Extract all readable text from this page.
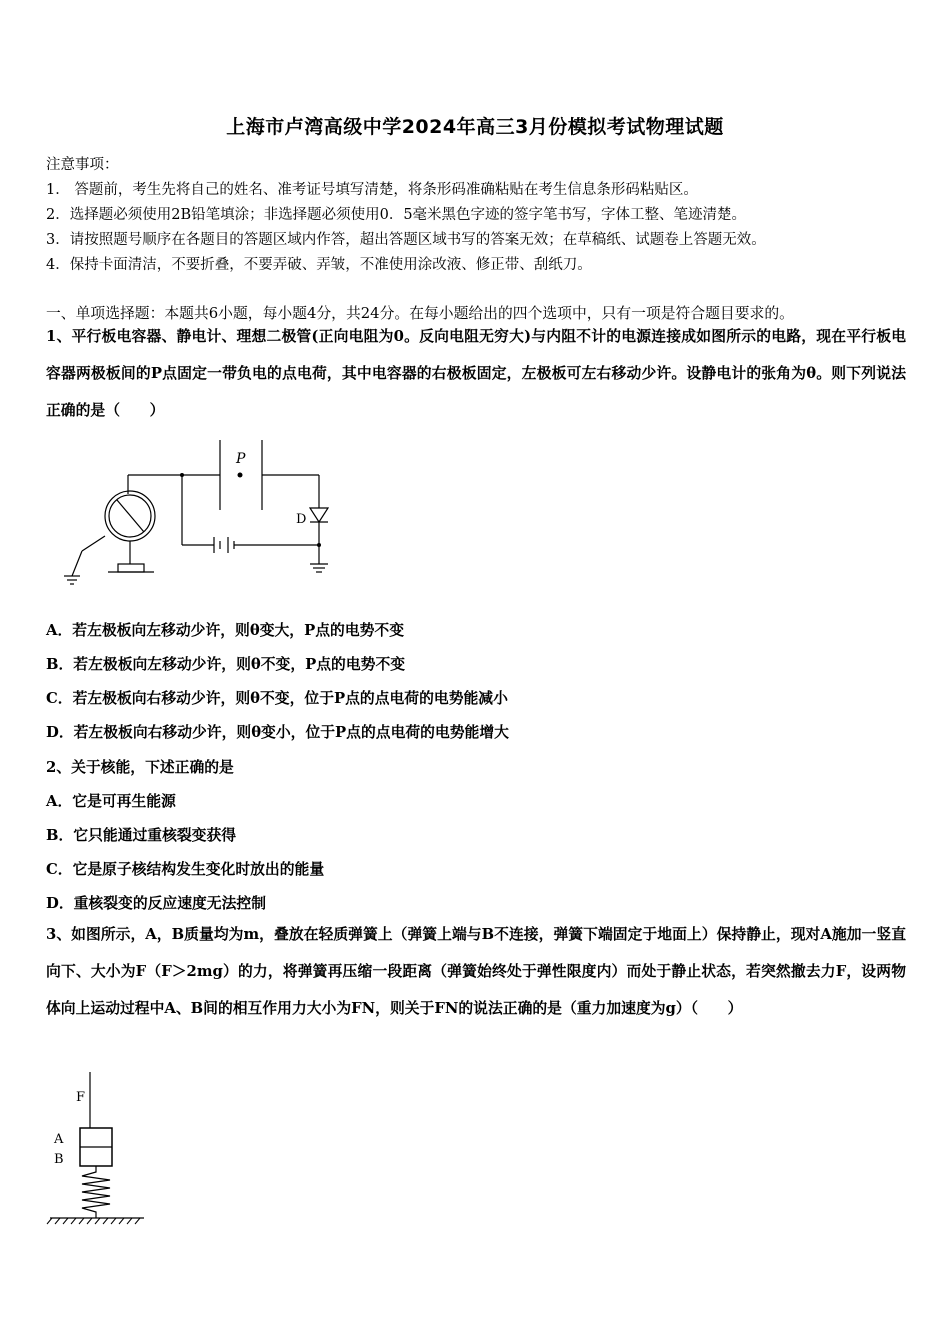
上海市卢湾高级中学2024年高三3月份模拟考试物理试题
注意事项：
1． 答题前，考生先将自己的姓名、准考证号填写清楚，将条形码准确粘贴在考生信息条形码粘贴区。
2．选择题必须使用2B铅笔填涂；非选择题必须使用0．5毫米黑色字迹的签字笔书写，字体工整、笔迹清楚。
3．请按照题号顺序在各题目的答题区域内作答，超出答题区域书写的答案无效；在草稿纸、试题卷上答题无效。
4．保持卡面清洁，不要折叠，不要弄破、弄皱，不准使用涂改液、修正带、刮纸刀。
一、单项选择题：本题共6小题，每小题4分，共24分。在每小题给出的四个选项中，只有一项是符合题目要求的。
1、平行板电容器、静电计、理想二极管(正向电阻为0。反向电阻无穷大)与内阻不计的电源连接成如图所示的电路，现在平行板电容器两极板间的P点固定一带负电的点电荷，其中电容器的右极板固定，左极板可左右移动少许。设静电计的张角为θ。则下列说法正确的是（　　）
P
D
A．若左极板向左移动少许，则θ变大，P点的电势不变
B．若左极板向左移动少许，则θ不变，P点的电势不变
C．若左极板向右移动少许，则θ不变，位于P点的点电荷的电势能减小
D．若左极板向右移动少许，则θ变小，位于P点的点电荷的电势能增大
2、关于核能，下述正确的是
A．它是可再生能源
B．它只能通过重核裂变获得
C．它是原子核结构发生变化时放出的能量
D．重核裂变的反应速度无法控制
3、如图所示，A，B质量均为m，叠放在轻质弹簧上（弹簧上端与B不连接，弹簧下端固定于地面上）保持静止，现对A施加一竖直向下、大小为F（F＞2mg）的力，将弹簧再压缩一段距离（弹簧始终处于弹性限度内）而处于静止状态，若突然撤去力F，设两物体向上运动过程中A、B间的相互作用力大小为FN，则关于FN的说法正确的是（重力加速度为g）（　　）
F
A
B
